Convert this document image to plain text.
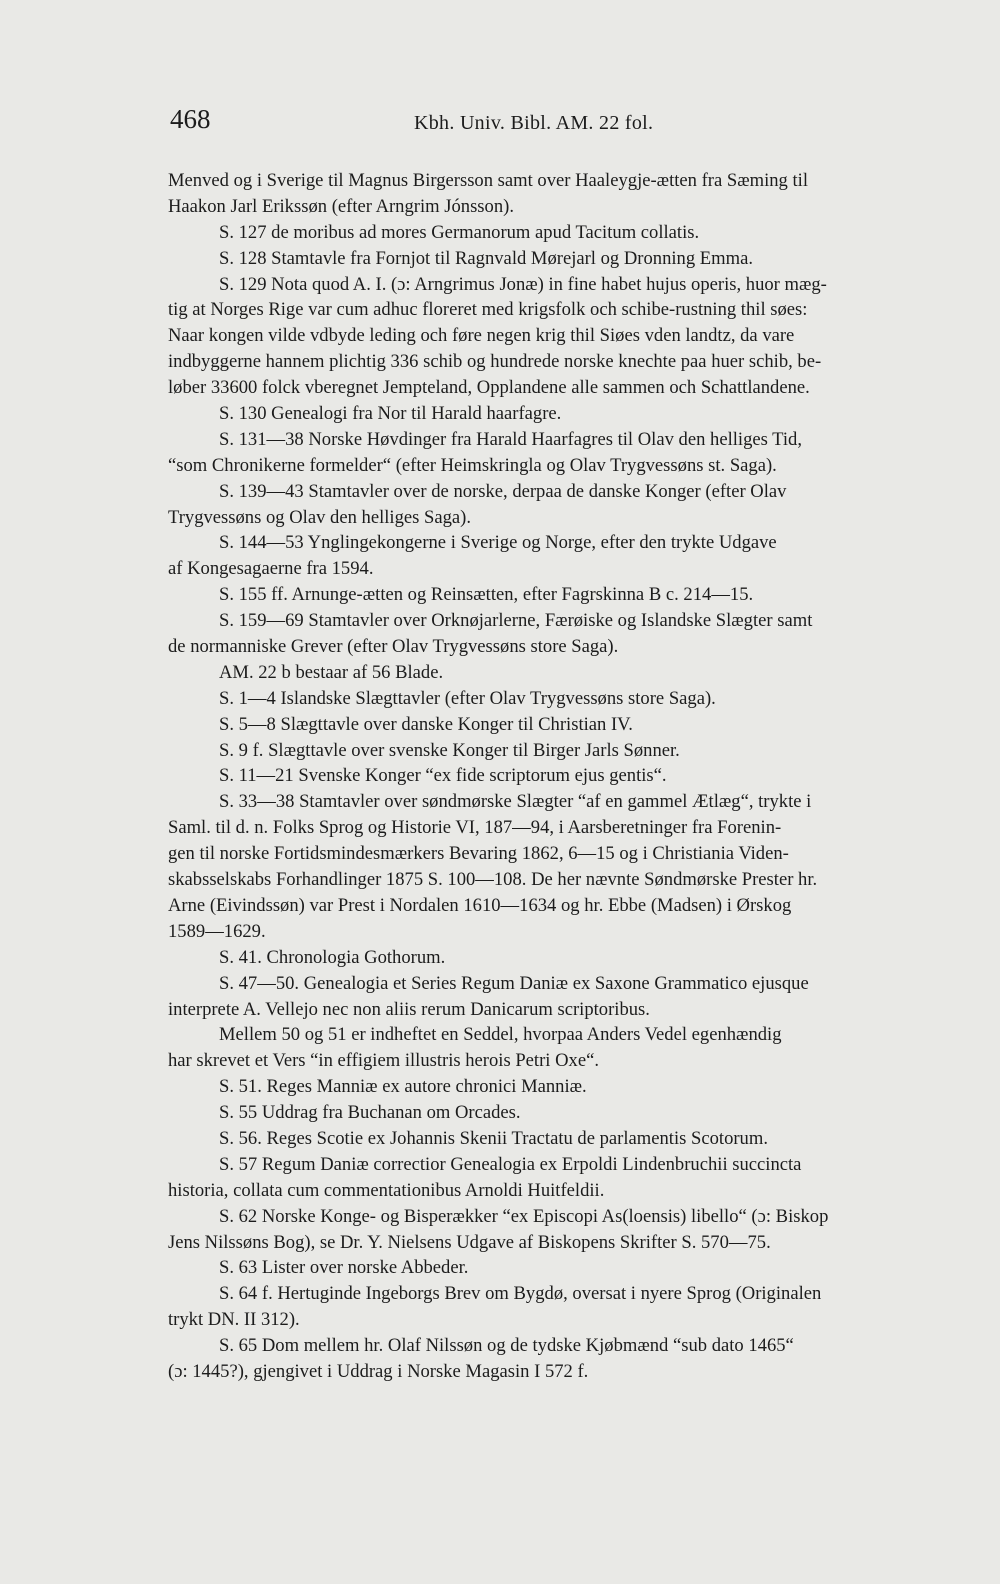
468	Kbh. Univ. Bibl. AM. 22 fol.
Menved og i Sverige til Magnus Birgersson samt over Haaleygje-ætten fra Sæming til
Haakon Jarl Erikssøn (efter Arngrim Jónsson).
S. 127 de moribus ad mores Germanorum apud Tacitum collatis.
S. 128 Stamtavle fra Fornjot til Ragnvald Mørejarl og Dronning Emma.
S. 129 Nota quod A. I. (ɔ: Arngrimus Jonæ) in fine habet hujus operis, huor mæg-
tig at Norges Rige var cum adhuc floreret med krigsfolk och schibe-rustning thil søes:
Naar kongen vilde vdbyde leding och føre negen krig thil Siøes vden landtz, da vare
indbyggerne hannem plichtig 336 schib og hundrede norske knechte paa huer schib, be-
løber 33600 folck vberegnet Jempteland, Opplandene alle sammen och Schattlandene.
S. 130 Genealogi fra Nor til Harald haarfagre.
S. 131—38 Norske Høvdinger fra Harald Haarfagres til Olav den helliges Tid,
“som Chronikerne formelder“ (efter Heimskringla og Olav Trygvessøns st. Saga).
S. 139—43 Stamtavler over de norske, derpaa de danske Konger (efter Olav
Trygvessøns og Olav den helliges Saga).
S. 144—53 Ynglingekongerne i Sverige og Norge, efter den trykte Udgave
af Kongesagaerne fra 1594.
S. 155 ff. Arnunge-ætten og Reinsætten, efter Fagrskinna B c. 214—15.
S. 159—69 Stamtavler over Orknøjarlerne, Færøiske og Islandske Slægter samt
de normanniske Grever (efter Olav Trygvessøns store Saga).
AM. 22 b bestaar af 56 Blade.
S. 1—4 Islandske Slægttavler (efter Olav Trygvessøns store Saga).
S. 5—8 Slægttavle over danske Konger til Christian IV.
S. 9 f. Slægttavle over svenske Konger til Birger Jarls Sønner.
S. 11—21 Svenske Konger “ex fide scriptorum ejus gentis“.
S. 33—38 Stamtavler over søndmørske Slægter “af en gammel Ætlæg“, trykte i
Saml. til d. n. Folks Sprog og Historie VI, 187—94, i Aarsberetninger fra Forenin-
gen til norske Fortidsmindesmærkers Bevaring 1862, 6—15 og i Christiania Viden-
skabsselskabs Forhandlinger 1875 S. 100—108. De her nævnte Søndmørske Prester hr.
Arne (Eivindssøn) var Prest i Nordalen 1610—1634 og hr. Ebbe (Madsen) i Ørskog
1589—1629.
S. 41. Chronologia Gothorum.
S. 47—50. Genealogia et Series Regum Daniæ ex Saxone Grammatico ejusque
interprete A. Vellejo nec non aliis rerum Danicarum scriptoribus.
Mellem 50 og 51 er indheftet en Seddel, hvorpaa Anders Vedel egenhændig
har skrevet et Vers “in effigiem illustris herois Petri Oxe“.
S. 51. Reges Manniæ ex autore chronici Manniæ.
S. 55 Uddrag fra Buchanan om Orcades.
S. 56. Reges Scotie ex Johannis Skenii Tractatu de parlamentis Scotorum.
S. 57 Regum Daniæ correctior Genealogia ex Erpoldi Lindenbruchii succincta
historia, collata cum commentationibus Arnoldi Huitfeldii.
S. 62 Norske Konge- og Bisperækker “ex Episcopi As(loensis) libello“ (ɔ: Biskop
Jens Nilssøns Bog), se Dr. Y. Nielsens Udgave af Biskopens Skrifter S. 570—75.
S. 63 Lister over norske Abbeder.
S. 64 f. Hertuginde Ingeborgs Brev om Bygdø, oversat i nyere Sprog (Originalen
trykt DN. II 312).
S. 65 Dom mellem hr. Olaf Nilssøn og de tydske Kjøbmænd “sub dato 1465“
(ɔ: 1445?), gjengivet i Uddrag i Norske Magasin I 572 f.
